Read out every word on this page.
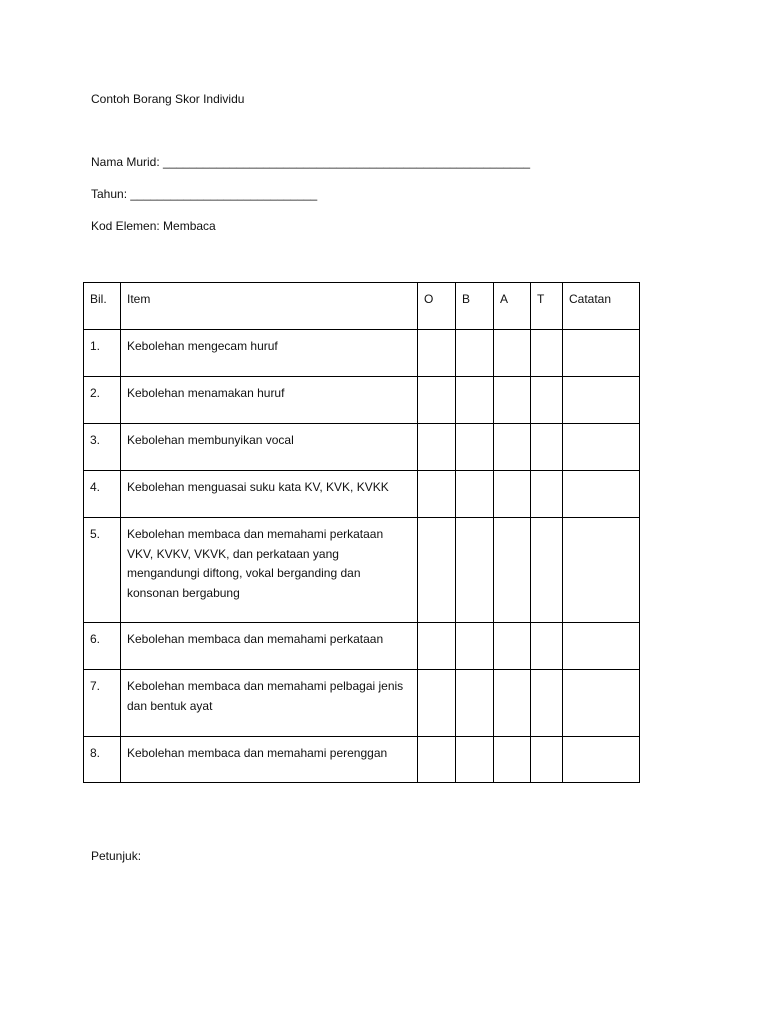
Contoh Borang Skor Individu
Nama Murid: _______________________________________________________
Tahun: ____________________________
Kod Elemen: Membaca
Bil.	Item	O	B	A	T	Catatan
1.	Kebolehan mengecam huruf					
2.	Kebolehan menamakan huruf					
3.	Kebolehan membunyikan vocal					
4.	Kebolehan menguasai suku kata KV, KVK, KVKK					
5.	Kebolehan membaca dan memahami perkataan VKV, KVKV, VKVK, dan perkataan yang mengandungi diftong, vokal berganding dan konsonan bergabung					
6.	Kebolehan membaca dan memahami perkataan					
7.	Kebolehan membaca dan memahami pelbagai jenis dan bentuk ayat					
8.	Kebolehan membaca dan memahami perenggan					
Petunjuk:
